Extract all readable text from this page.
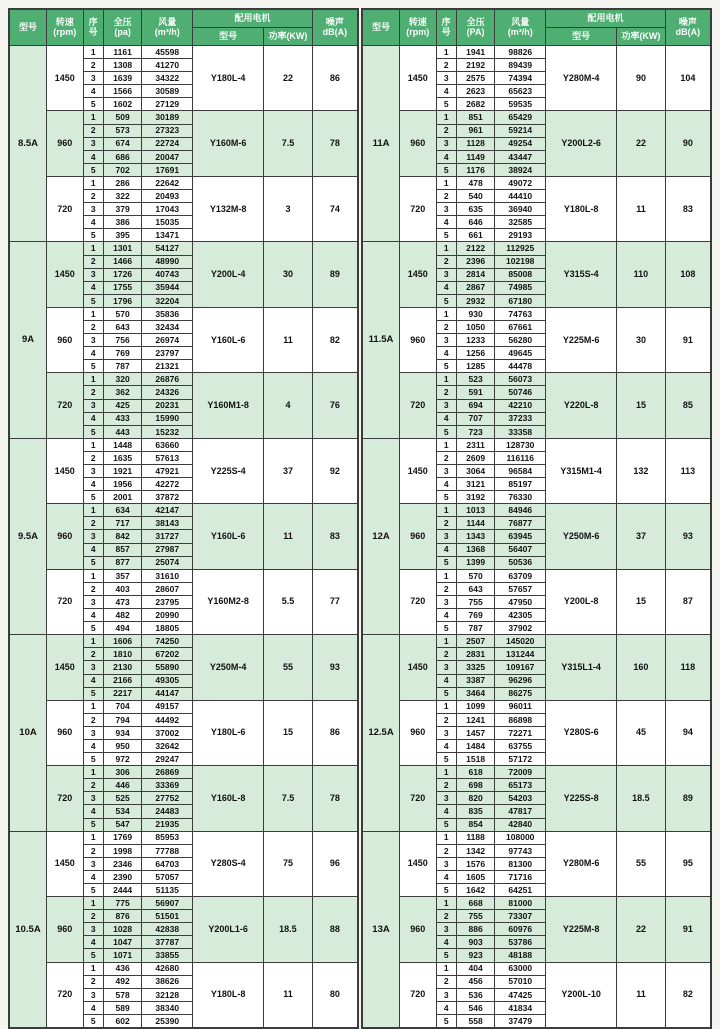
型号	转速
(rpm)	序
号	全压
(pa)	风量
(m³/h)	配用电机		噪声
dB(A)

					型号	功率(KW)	
8.5A	1450	1	1161	45598	Y180L-4	22	86
		2	1308	41270			
		3	1639	34322			
		4	1566	30589			
		5	1602	27129			
	960	1	509	30189	Y160M-6	7.5	78
		2	573	27323			
		3	674	22724			
		4	686	20047			
		5	702	17691			
	720	1	286	22642	Y132M-8	3	74
		2	322	20493			
		3	379	17043			
		4	386	15035			
		5	395	13471			
9A	1450	1	1301	54127	Y200L-4	30	89
		2	1466	48990			
		3	1726	40743			
		4	1755	35944			
		5	1796	32204			
	960	1	570	35836	Y160L-6	11	82
		2	643	32434			
		3	756	26974			
		4	769	23797			
		5	787	21321			
	720	1	320	26876	Y160M1-8	4	76
		2	362	24326			
		3	425	20231			
		4	433	15990			
		5	443	15232			
9.5A	1450	1	1448	63660	Y225S-4	37	92
		2	1635	57613			
		3	1921	47921			
		4	1956	42272			
		5	2001	37872			
	960	1	634	42147	Y160L-6	11	83
		2	717	38143			
		3	842	31727			
		4	857	27987			
		5	877	25074			
	720	1	357	31610	Y160M2-8	5.5	77
		2	403	28607			
		3	473	23795			
		4	482	20990			
		5	494	18805			
10A	1450	1	1606	74250	Y250M-4	55	93
		2	1810	67202			
		3	2130	55890			
		4	2166	49305			
		5	2217	44147			
	960	1	704	49157	Y180L-6	15	86
		2	794	44492			
		3	934	37002			
		4	950	32642			
		5	972	29247			
	720	1	306	26869	Y160L-8	7.5	78
		2	446	33369			
		3	525	27752			
		4	534	24483			
		5	547	21935			
10.5A	1450	1	1769	85953	Y280S-4	75	96
		2	1998	77788			
		3	2346	64703			
		4	2390	57057			
		5	2444	51135			
	960	1	775	56907	Y200L1-6	18.5	88
		2	876	51501			
		3	1028	42838			
		4	1047	37787			
		5	1071	33855			
	720	1	436	42680	Y180L-8	11	80
		2	492	38626			
		3	578	32128			
		4	589	38340			
		5	602	25390			
型号	转速
(rpm)	序
号	全压
(PA)	风量
(m³/h)	配用电机		噪声
dB(A)

					型号	功率(KW)	
11A	1450	1	1941	98826	Y280M-4	90	104
		2	2192	89439			
		3	2575	74394			
		4	2623	65623			
		5	2682	59535			
	960	1	851	65429	Y200L2-6	22	90
		2	961	59214			
		3	1128	49254			
		4	1149	43447			
		5	1176	38924			
	720	1	478	49072	Y180L-8	11	83
		2	540	44410			
		3	635	36940			
		4	646	32585			
		5	661	29193			
11.5A	1450	1	2122	112925	Y315S-4	110	108
		2	2396	102198			
		3	2814	85008			
		4	2867	74985			
		5	2932	67180			
	960	1	930	74763	Y225M-6	30	91
		2	1050	67661			
		3	1233	56280			
		4	1256	49645			
		5	1285	44478			
	720	1	523	56073	Y220L-8	15	85
		2	591	50746			
		3	694	42210			
		4	707	37233			
		5	723	33358			
12A	1450	1	2311	128730	Y315M1-4	132	113
		2	2609	116116			
		3	3064	96584			
		4	3121	85197			
		5	3192	76330			
	960	1	1013	84946	Y250M-6	37	93
		2	1144	76877			
		3	1343	63945			
		4	1368	56407			
		5	1399	50536			
	720	1	570	63709	Y200L-8	15	87
		2	643	57657			
		3	755	47950			
		4	769	42305			
		5	787	37902			
12.5A	1450	1	2507	145020	Y315L1-4	160	118
		2	2831	131244			
		3	3325	109167			
		4	3387	96296			
		5	3464	86275			
	960	1	1099	96011	Y280S-6	45	94
		2	1241	86898			
		3	1457	72271			
		4	1484	63755			
		5	1518	57172			
	720	1	618	72009	Y225S-8	18.5	89
		2	698	65173			
		3	820	54203			
		4	835	47817			
		5	854	42840			
13A	1450	1	1188	108000	Y280M-6	55	95
		2	1342	97743			
		3	1576	81300			
		4	1605	71716			
		5	1642	64251			
	960	1	668	81000	Y225M-8	22	91
		2	755	73307			
		3	886	60976			
		4	903	53786			
		5	923	48188			
	720	1	404	63000	Y200L-10	11	82
		2	456	57010			
		3	536	47425			
		4	546	41834			
		5	558	37479			
